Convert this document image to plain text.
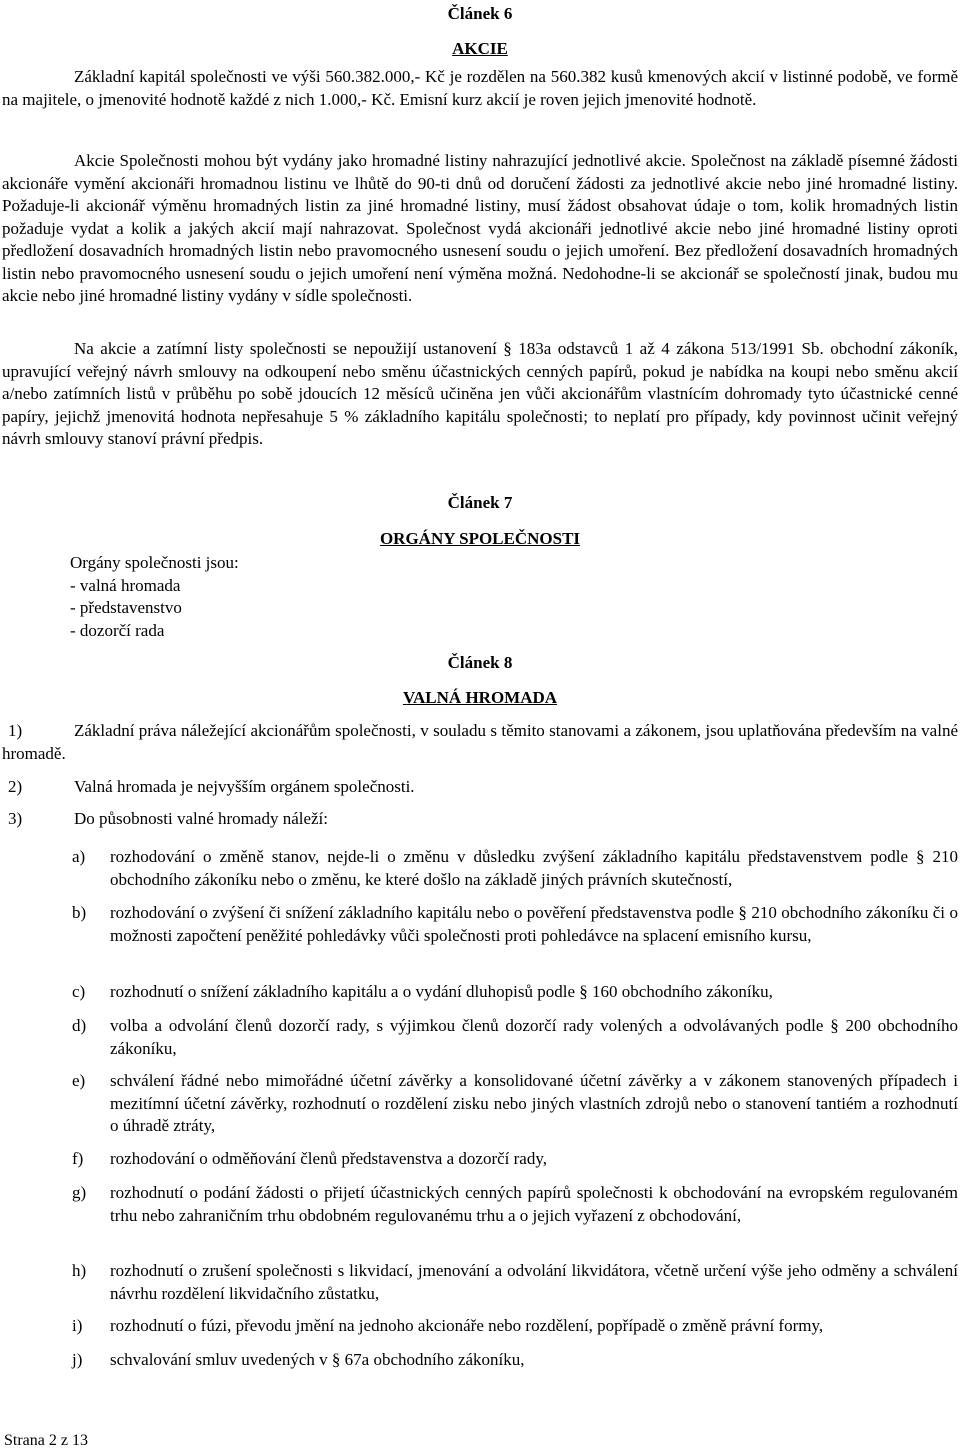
Článek 6
AKCIE

Základní kapitál společnosti ve výši 560.382.000,- Kč je rozdělen na 560.382 kusů kmenových akcií v listinné podobě, ve formě na majitele, o jmenovité hodnotě každé z nich 1.000,- Kč. Emisní kurz akcií je roven jejich jmenovité hodnotě.

Akcie Společnosti mohou být vydány jako hromadné listiny nahrazující jednotlivé akcie. Společnost na základě písemné žádosti akcionáře vymění akcionáři hromadnou listinu ve lhůtě do 90-ti dnů od doručení žádosti za jednotlivé akcie nebo jiné hromadné listiny. Požaduje-li akcionář výměnu hromadných listin za jiné hromadné listiny, musí žádost obsahovat údaje o tom, kolik hromadných listin požaduje vydat a kolik a jakých akcií mají nahrazovat. Společnost vydá akcionáři jednotlivé akcie nebo jiné hromadné listiny oproti předložení dosavadních hromadných listin nebo pravomocného usnesení soudu o jejich umoření. Bez předložení dosavadních hromadných listin nebo pravomocného usnesení soudu o jejich umoření není výměna možná. Nedohodne-li se akcionář se společností jinak, budou mu akcie nebo jiné hromadné listiny vydány v sídle společnosti.

Na akcie a zatímní listy společnosti se nepoužijí ustanovení § 183a odstavců 1 až 4 zákona 513/1991 Sb. obchodní zákoník, upravující veřejný návrh smlouvy na odkoupení nebo směnu účastnických cenných papírů, pokud je nabídka na koupi nebo směnu akcií a/nebo zatímních listů v průběhu po sobě jdoucích 12 měsíců učiněna jen vůči akcionářům vlastnícím dohromady tyto účastnické cenné papíry, jejichž jmenovitá hodnota nepřesahuje 5 % základního kapitálu společnosti; to neplatí pro případy, kdy povinnost učinit veřejný návrh smlouvy stanoví právní předpis.

Článek 7
ORGÁNY SPOLEČNOSTI
Orgány společnosti jsou:
- valná hromada
- představenstvo
- dozorčí rada
Článek 8
VALNÁ HROMADA
1)	Základní práva náležející akcionářům společnosti, v souladu s těmito stanovami a zákonem, jsou uplatňována především na valné hromadě.
2)	Valná hromada je nejvyšším orgánem společnosti.
3)	Do působnosti valné hromady náleží:
a) rozhodování o změně stanov, nejde-li o změnu v důsledku zvýšení základního kapitálu představenstvem podle § 210 obchodního zákoníku nebo o změnu, ke které došlo na základě jiných právních skutečností,
b) rozhodování o zvýšení či snížení základního kapitálu nebo o pověření představenstva podle § 210 obchodního zákoníku či o možnosti započtení peněžité pohledávky vůči společnosti proti pohledávce na splacení emisního kursu,
c) rozhodnutí o snížení základního kapitálu a o vydání dluhopisů podle § 160 obchodního zákoníku,
d) volba a odvolání členů dozorčí rady, s výjimkou členů dozorčí rady volených a odvolávaných podle § 200 obchodního zákoníku,
e) schválení řádné nebo mimořádné účetní závěrky a konsolidované účetní závěrky a v zákonem stanovených případech i mezitímní účetní závěrky, rozhodnutí o rozdělení zisku nebo jiných vlastních zdrojů nebo o stanovení tantiém a rozhodnutí o úhradě ztráty,
f) rozhodování o odměňování členů představenstva a dozorčí rady,
g) rozhodnutí o podání žádosti o přijetí účastnických cenných papírů společnosti k obchodování na evropském regulovaném trhu nebo zahraničním trhu obdobném regulovanému trhu a o jejich vyřazení z obchodování,
h) rozhodnutí o zrušení společnosti s likvidací, jmenování a odvolání likvidátora, včetně určení výše jeho odměny a schválení návrhu rozdělení likvidačního zůstatku,
i) rozhodnutí o fúzi, převodu jmění na jednoho akcionáře nebo rozdělení, popřípadě o změně právní formy,
j) schvalování smluv uvedených v § 67a obchodního zákoníku,
Strana 2 z 13
